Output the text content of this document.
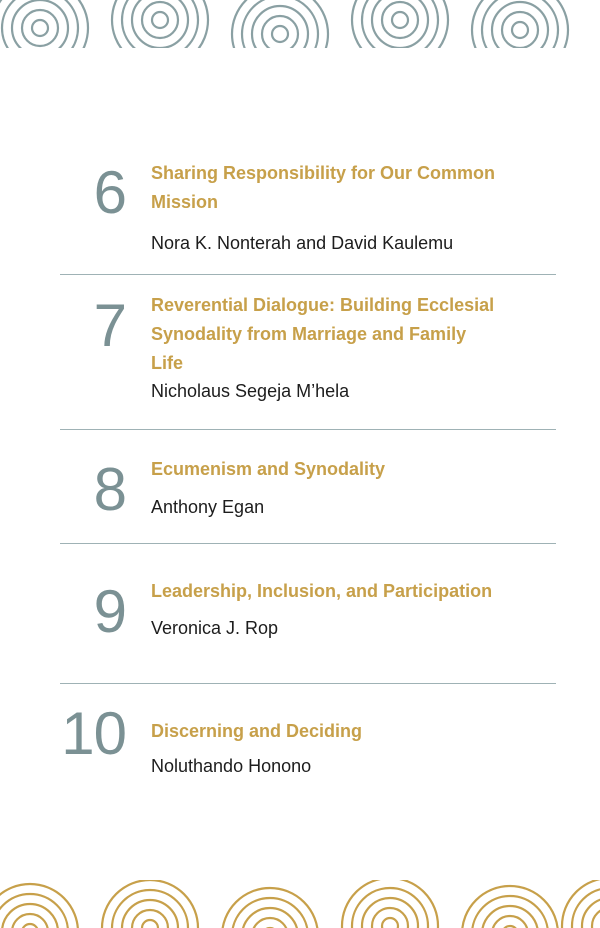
6 Sharing Responsibility for Our Common
Mission
Nora K. Nonterah and David Kaulemu
7 Reverential Dialogue: Building Ecclesial
Synodality from Marriage and Family
Life
Nicholaus Segeja M’hela
8 Ecumenism and Synodality
Anthony Egan
9 Leadership, Inclusion, and Participation
Veronica J. Rop
10 Discerning and Deciding
Noluthando Honono
